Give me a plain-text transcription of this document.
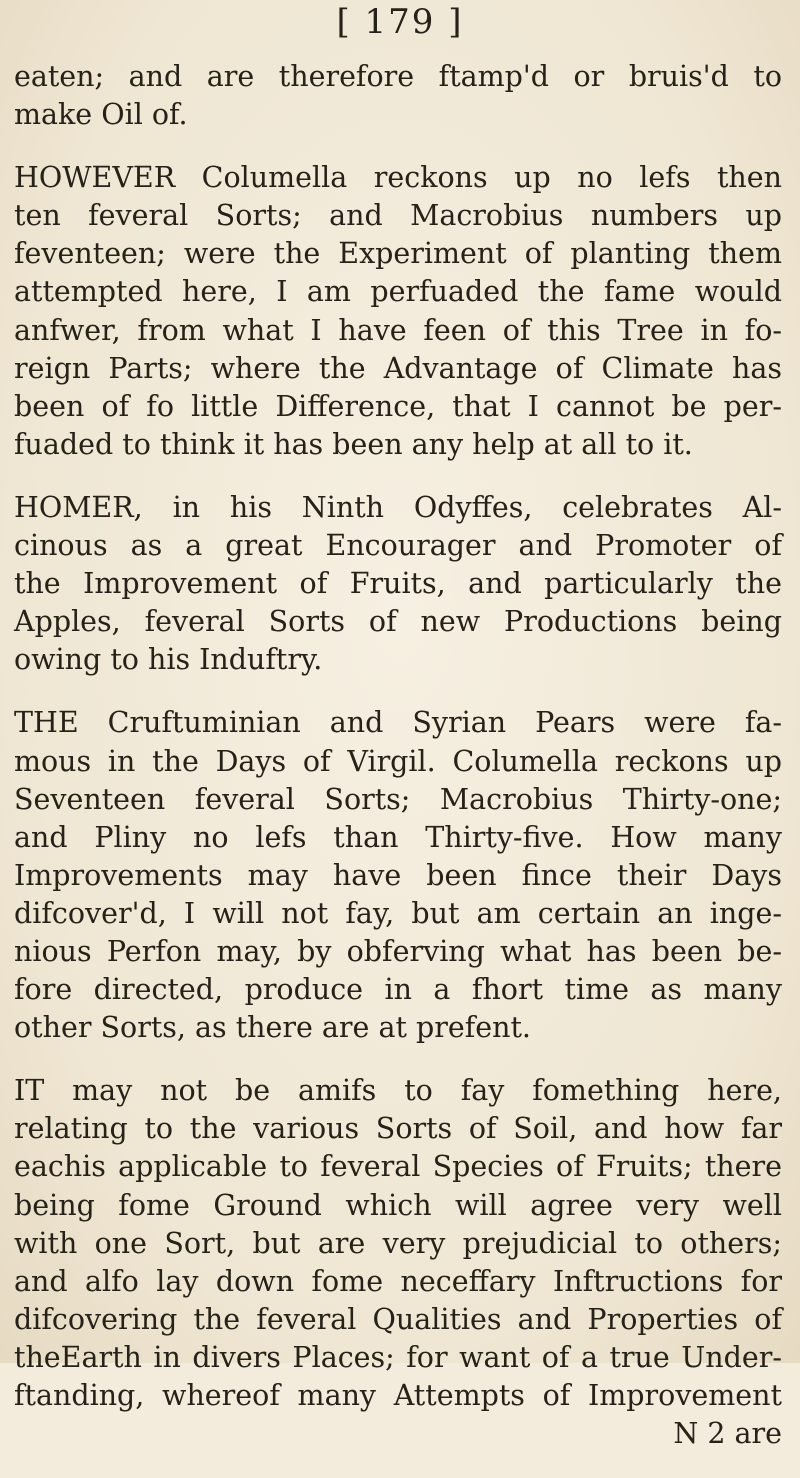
[ 179 ]
eaten; and are therefore ftamp'd or bruis'd to
make Oil of.
HOWEVER Columella reckons up no lefs then
ten feveral Sorts; and Macrobius numbers up
feventeen; were the Experiment of planting them
attempted here, I am perfuaded the fame would
anfwer, from what I have feen of this Tree in fo-
reign Parts; where the Advantage of Climate has
been of fo little Difference, that I cannot be per-
fuaded to think it has been any help at all to it.
HOMER, in his Ninth Odyffes, celebrates Al-
cinous as a great Encourager and Promoter of
the Improvement of Fruits, and particularly the
Apples, feveral Sorts of new Productions being
owing to his Induftry.
THE Cruftuminian and Syrian Pears were fa-
mous in the Days of Virgil. Columella reckons up
Seventeen feveral Sorts; Macrobius Thirty-one;
and Pliny no lefs than Thirty-five. How many
Improvements may have been fince their Days
difcover'd, I will not fay, but am certain an inge-
nious Perfon may, by obferving what has been be-
fore directed, produce in a fhort time as many
other Sorts, as there are at prefent.
IT may not be amifs to fay fomething here,
relating to the various Sorts of Soil, and how far
eachis applicable to feveral Species of Fruits; there
being fome Ground which will agree very well
with one Sort, but are very prejudicial to others;
and alfo lay down fome neceffary Inftructions for
difcovering the feveral Qualities and Properties of
theEarth in divers Places; for want of a true Under-
ftanding, whereof many Attempts of Improvement
N 2 are
